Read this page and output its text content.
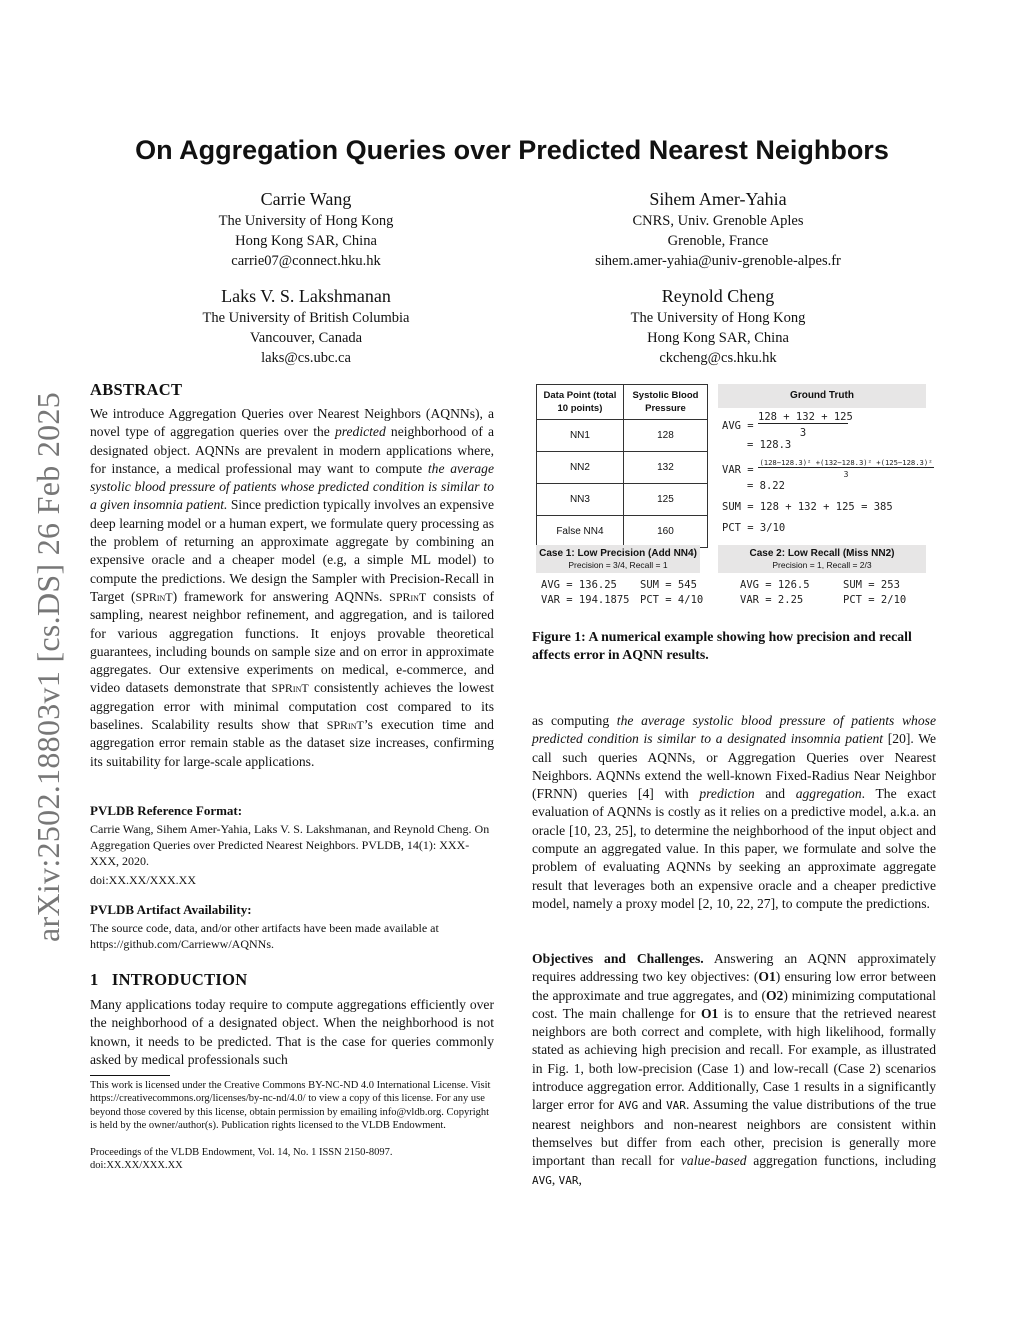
arXiv:2502.18803v1 [cs.DS] 26 Feb 2025
On Aggregation Queries over Predicted Nearest Neighbors
Carrie Wang
The University of Hong Kong
Hong Kong SAR, China
carrie07@connect.hku.hk
Sihem Amer-Yahia
CNRS, Univ. Grenoble Aples
Grenoble, France
sihem.amer-yahia@univ-grenoble-alpes.fr
Laks V. S. Lakshmanan
The University of British Columbia
Vancouver, Canada
laks@cs.ubc.ca
Reynold Cheng
The University of Hong Kong
Hong Kong SAR, China
ckcheng@cs.hku.hk
ABSTRACT

We introduce Aggregation Queries over Nearest Neighbors (AQNNs), a novel type of aggregation queries over the predicted neighborhood of a designated object. AQNNs are prevalent in modern applications where, for instance, a medical professional may want to compute the average systolic blood pressure of patients whose predicted condition is similar to a given insomnia patient. Since prediction typically involves an expensive deep learning model or a human expert, we formulate query processing as the problem of returning an approximate aggregate by combining an expensive oracle and a cheaper model (e.g, a simple ML model) to compute the predictions. We design the Sampler with Precision-Recall in Target (SPRinT) framework for answering AQNNs. SPRinT consists of sampling, nearest neighbor refinement, and aggregation, and is tailored for various aggregation functions. It enjoys provable theoretical guarantees, including bounds on sample size and on error in approximate aggregates. Our extensive experiments on medical, e-commerce, and video datasets demonstrate that SPRinT consistently achieves the lowest aggregation error with minimal computation cost compared to its baselines. Scalability results show that SPRinT’s execution time and aggregation error remain stable as the dataset size increases, confirming its suitability for large-scale applications.

PVLDB Reference Format:

Carrie Wang, Sihem Amer-Yahia, Laks V. S. Lakshmanan, and Reynold Cheng. On Aggregation Queries over Predicted Nearest Neighbors. PVLDB, 14(1): XXX-XXX, 2020.

doi:XX.XX/XXX.XX

PVLDB Artifact Availability:

The source code, data, and/or other artifacts have been made available at https://github.com/Carrieww/AQNNs.

1 INTRODUCTION

Many applications today require to compute aggregations efficiently over the neighborhood of a designated object. When the neighborhood is not known, it needs to be predicted. That is the case for queries commonly asked by medical professionals such

This work is licensed under the Creative Commons BY-NC-ND 4.0 International License. Visit https://creativecommons.org/licenses/by-nc-nd/4.0/ to view a copy of this license. For any use beyond those covered by this license, obtain permission by emailing info@vldb.org. Copyright is held by the owner/author(s). Publication rights licensed to the VLDB Endowment.

Proceedings of the VLDB Endowment, Vol. 14, No. 1 ISSN 2150-8097.

doi:XX.XX/XXX.XX

Data Point (total 10 points)	Systolic Blood Pressure
NN1	128
NN2	132
NN3	125
False NN4	160
Ground Truth
AVG =
128 + 132 + 125
3
= 128.3
VAR =
(128−128.3)² +(132−128.3)² +(125−128.3)²
3
= 8.22
SUM = 128 + 132 + 125 = 385
PCT = 3/10
Case 1: Low Precision (Add NN4)
Precision = 3/4, Recall = 1
AVG = 136.25
VAR = 194.1875
SUM = 545
PCT = 4/10
Case 2: Low Recall (Miss NN2)
Precision = 1, Recall = 2/3
AVG = 126.5
VAR = 2.25
SUM = 253
PCT = 2/10

Figure 1: A numerical example showing how precision and recall affects error in AQNN results.

as computing the average systolic blood pressure of patients whose predicted condition is similar to a designated insomnia patient [20]. We call such queries AQNNs, or Aggregation Queries over Nearest Neighbors. AQNNs extend the well-known Fixed-Radius Near Neighbor (FRNN) queries [4] with prediction and aggregation. The exact evaluation of AQNNs is costly as it relies on a predictive model, a.k.a. an oracle [10, 23, 25], to determine the neighborhood of the input object and compute an aggregated value. In this paper, we formulate and solve the problem of evaluating AQNNs by seeking an approximate aggregate result that leverages both an expensive oracle and a cheaper predictive model, namely a proxy model [2, 10, 22, 27], to compute the predictions.

Objectives and Challenges. Answering an AQNN approximately requires addressing two key objectives: (O1) ensuring low error between the approximate and true aggregates, and (O2) minimizing computational cost. The main challenge for O1 is to ensure that the retrieved nearest neighbors are both correct and complete, with high likelihood, formally stated as achieving high precision and recall. For example, as illustrated in Fig. 1, both low-precision (Case 1) and low-recall (Case 2) scenarios introduce aggregation error. Additionally, Case 1 results in a significantly larger error for AVG and VAR. Assuming the value distributions of the true nearest neighbors and non-nearest neighbors are consistent within themselves but differ from each other, precision is generally more important than recall for value-based aggregation functions, including AVG, VAR,
